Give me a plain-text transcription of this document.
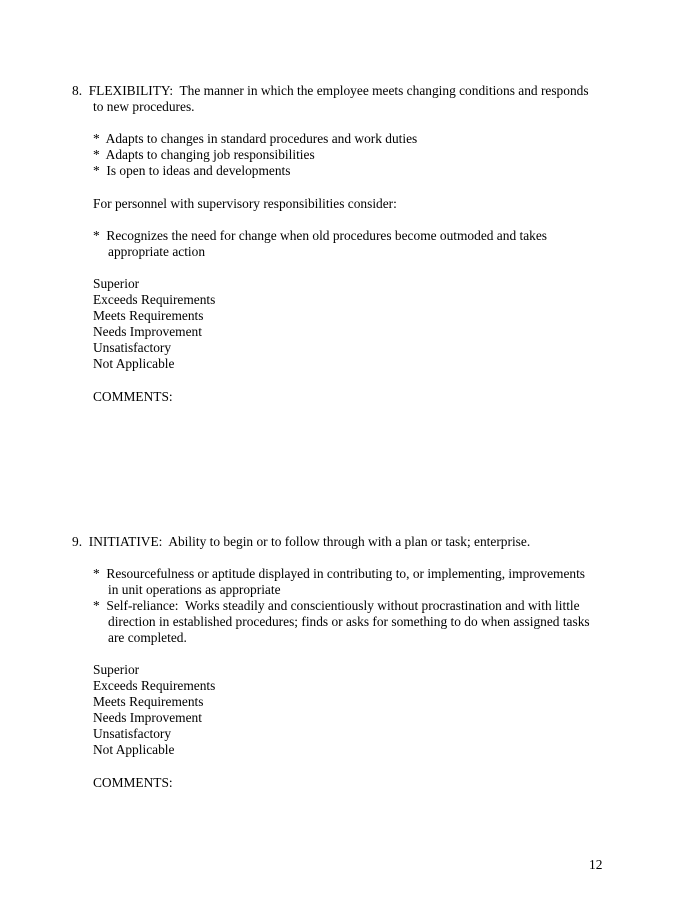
8.  FLEXIBILITY:  The manner in which the employee meets changing conditions and responds

to new procedures.

*  Adapts to changes in standard procedures and work duties

*  Adapts to changing job responsibilities

*  Is open to ideas and developments

For personnel with supervisory responsibilities consider:

*  Recognizes the need for change when old procedures become outmoded and takes

appropriate action

Superior

Exceeds Requirements

Meets Requirements

Needs Improvement

Unsatisfactory

Not Applicable

COMMENTS:

9.  INITIATIVE:  Ability to begin or to follow through with a plan or task; enterprise.

*  Resourcefulness or aptitude displayed in contributing to, or implementing, improvements

in unit operations as appropriate

*  Self-reliance:  Works steadily and conscientiously without procrastination and with little

direction in established procedures; finds or asks for something to do when assigned tasks

are completed.

Superior

Exceeds Requirements

Meets Requirements

Needs Improvement

Unsatisfactory

Not Applicable

COMMENTS:

12
